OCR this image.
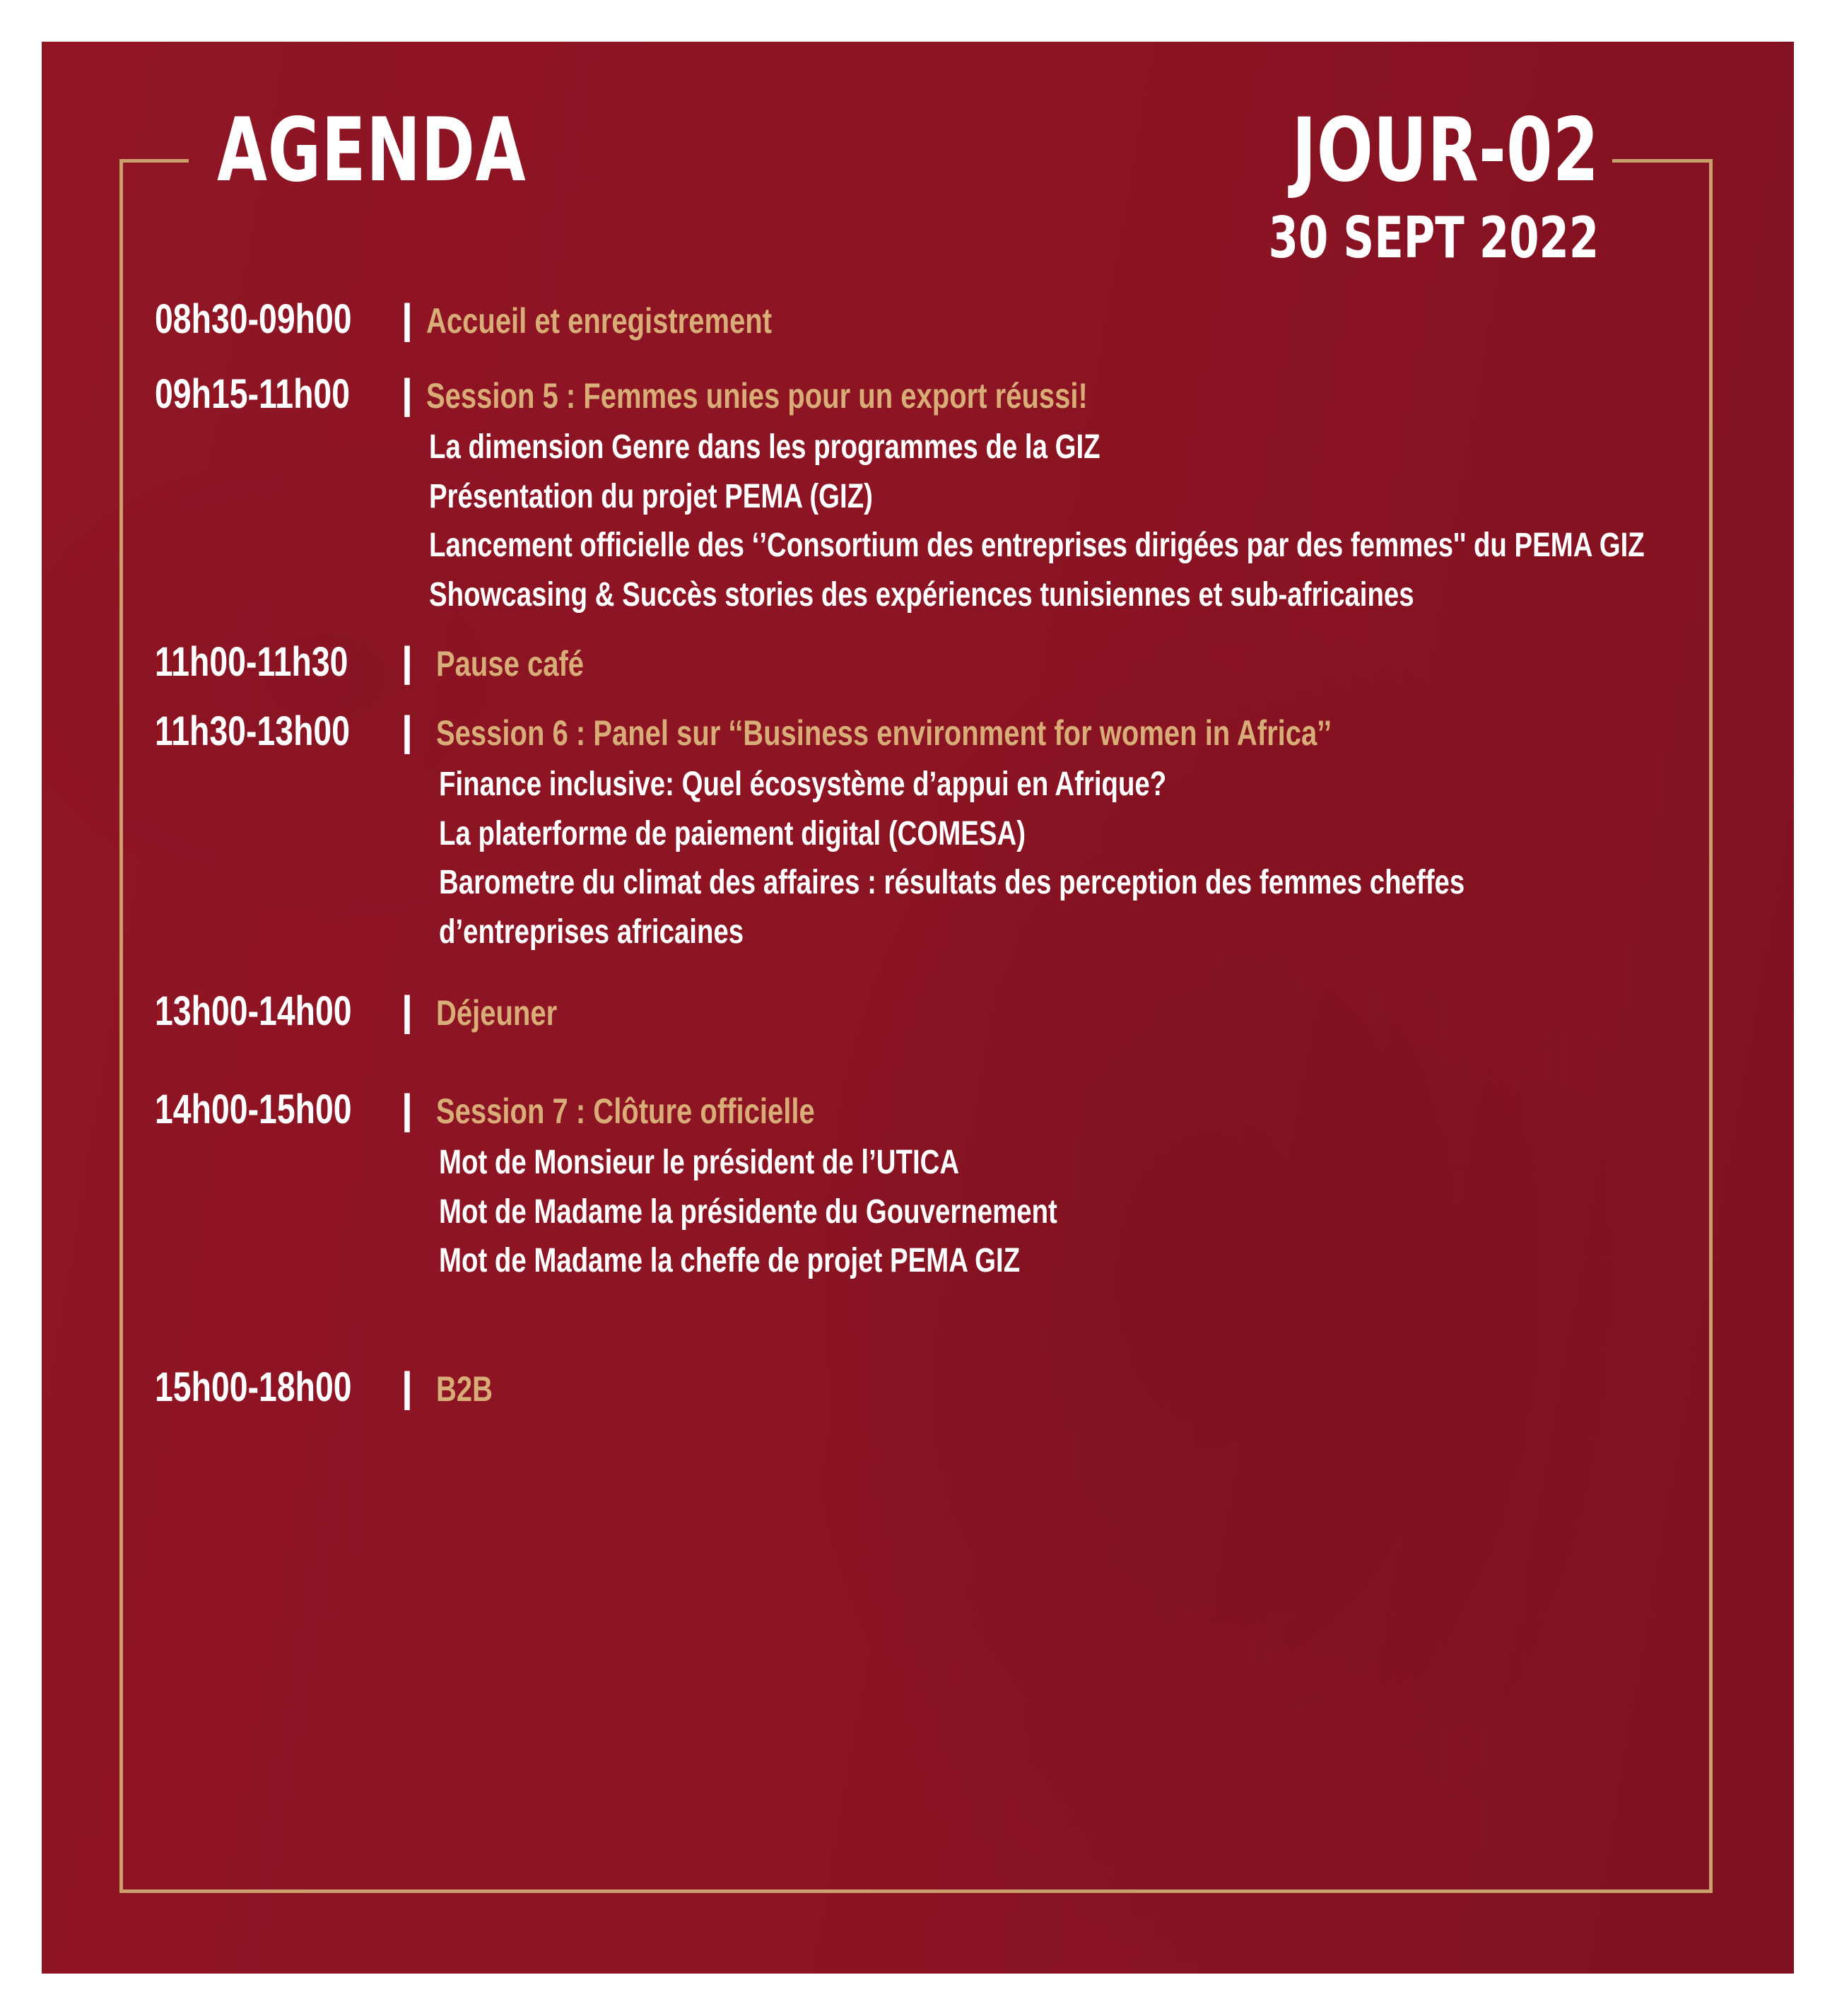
AGENDA	JOUR-02
30 SEPT 2022
08h30-09h00 | Accueil et enregistrement
09h15-11h00 | Session 5 : Femmes unies pour un export réussi!
La dimension Genre dans les programmes de la GIZ
Présentation du projet PEMA (GIZ)
Lancement officielle des ‘’Consortium des entreprises dirigées par des femmes'' du PEMA GIZ
Showcasing & Succès stories des expériences tunisiennes et sub-africaines
11h00-11h30 | Pause café
11h30-13h00 | Session 6 : Panel sur ‘‘Business environment for women in Africa’’
Finance inclusive: Quel écosystème d’appui en Afrique?
La platerforme de paiement digital (COMESA)
Barometre du climat des affaires : résultats des perception des femmes cheffes
d’entreprises africaines
13h00-14h00 | Déjeuner
14h00-15h00 | Session 7 : Clôture officielle
Mot de Monsieur le président de l’UTICA
Mot de Madame la présidente du Gouvernement
Mot de Madame la cheffe de projet PEMA GIZ
15h00-18h00 | B2B
